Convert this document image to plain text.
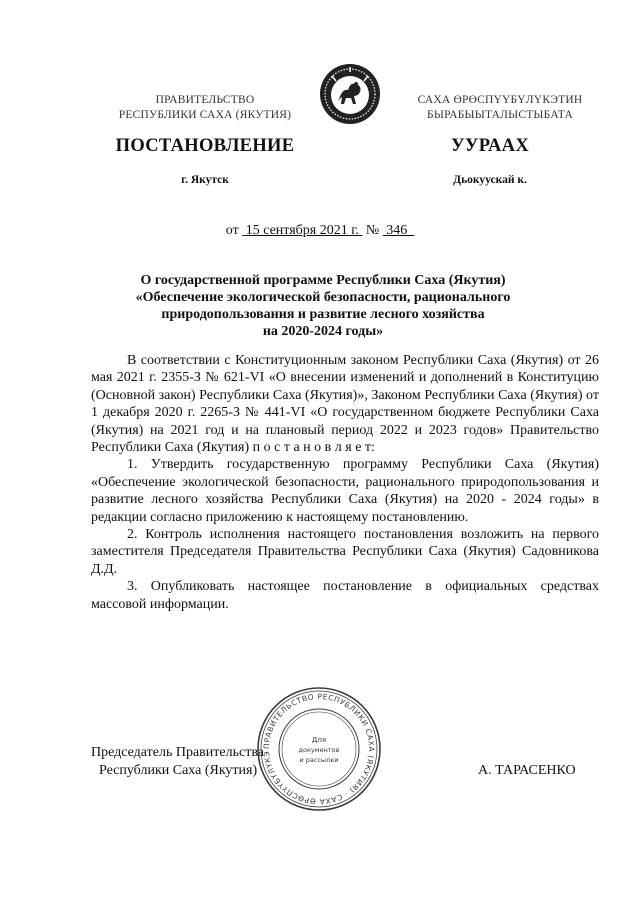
ПРАВИТЕЛЬСТВО
РЕСПУБЛИКИ САХА (ЯКУТИЯ)
САХА ӨРӨСПҮҮБҮЛҮКЭТИН
БЫРАБЫЫТАЛЫСТЫБАТА
ПОСТАНОВЛЕНИЕ	УУРААХ
г. Якутск	Дьокуускай к.
от 15 сентября 2021 г. № 346
О государственной программе Республики Саха (Якутия)
«Обеспечение экологической безопасности, рационального
природопользования и развитие лесного хозяйства
на 2020-2024 годы»

В соответствии с Конституционным законом Республики Саха (Якутия) от 26 мая 2021 г. 2355-З № 621-VI «О внесении изменений и дополнений в Конституцию (Основной закон) Республики Саха (Якутия)», Законом Республики Саха (Якутия) от 1 декабря 2020 г. 2265-З № 441-VI «О государственном бюджете Республики Саха (Якутия) на 2021 год и на плановый период 2022 и 2023 годов» Правительство Республики Саха (Якутия) п о с т а н о в л я е т:

1. Утвердить государственную программу Республики Саха (Якутия) «Обеспечение экологической безопасности, рационального природопользования и развитие лесного хозяйства Республики Саха (Якутия) на 2020 - 2024 годы» в редакции согласно приложению к настоящему постановлению.

2. Контроль исполнения настоящего постановления возложить на первого заместителя Председателя Правительства Республики Саха (Якутия) Садовникова Д.Д.

3. Опубликовать настоящее постановление в официальных средствах массовой информации.

Председатель Правительства
Республики Саха (Якутия)	А. ТАРАСЕНКО
ПРАВИТЕЛЬСТВО РЕСПУБЛИКИ САХА (ЯКУТИЯ) · САХА ӨРӨСПҮҮБҮЛҮКЭ
Для
документов
и рассылки
